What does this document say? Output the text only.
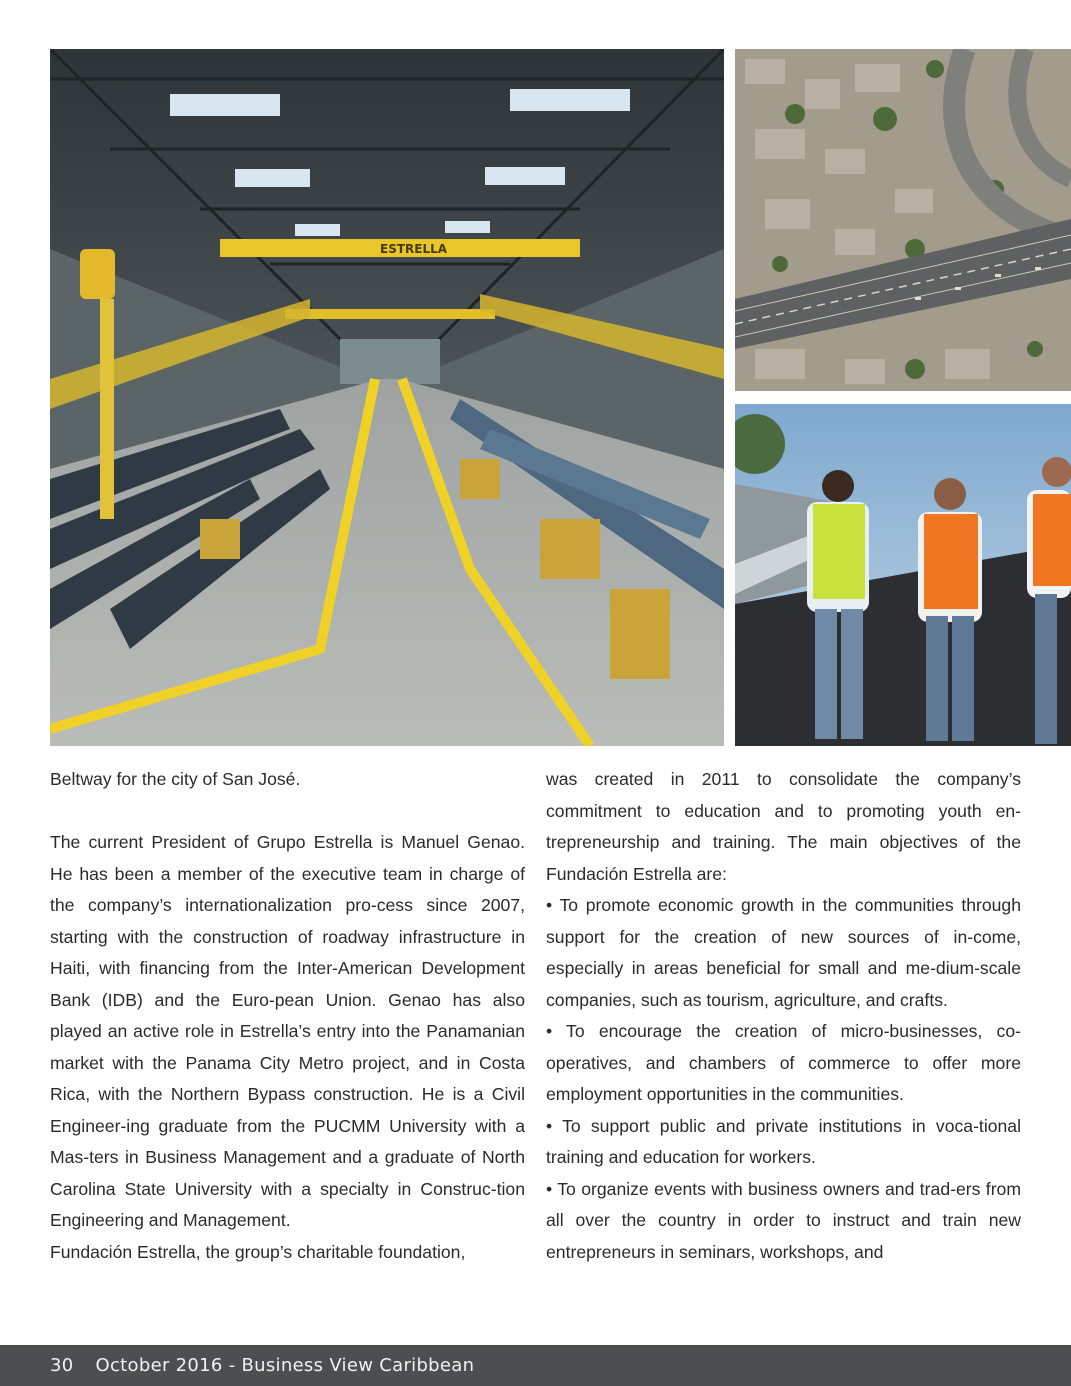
ESTRELLA

Beltway for the city of San José.

The current President of Grupo Estrella is Manuel Genao. He has been a member of the executive team in charge of the company’s internationalization pro-cess since 2007, starting with the construction of roadway infrastructure in Haiti, with financing from the Inter-American Development Bank (IDB) and the Euro-pean Union. Genao has also played an active role in Estrella’s entry into the Panamanian market with the Panama City Metro project, and in Costa Rica, with the Northern Bypass construction. He is a Civil Engineer-ing graduate from the PUCMM University with a Mas-ters in Business Management and a graduate of North Carolina State University with a specialty in Construc-tion Engineering and Management.

Fundación Estrella, the group’s charitable foundation,

was created in 2011 to consolidate the company’s commitment to education and to promoting youth en-trepreneurship and training. The main objectives of the Fundación Estrella are:

• To promote economic growth in the communities through support for the creation of new sources of in-come, especially in areas beneficial for small and me-dium-scale companies, such as tourism, agriculture, and crafts.

• To encourage the creation of micro-businesses, co-operatives, and chambers of commerce to offer more employment opportunities in the communities.

• To support public and private institutions in voca-tional training and education for workers.

• To organize events with business owners and trad-ers from all over the country in order to instruct and train new entrepreneurs in seminars, workshops, and

30 October 2016 - Business View Caribbean
